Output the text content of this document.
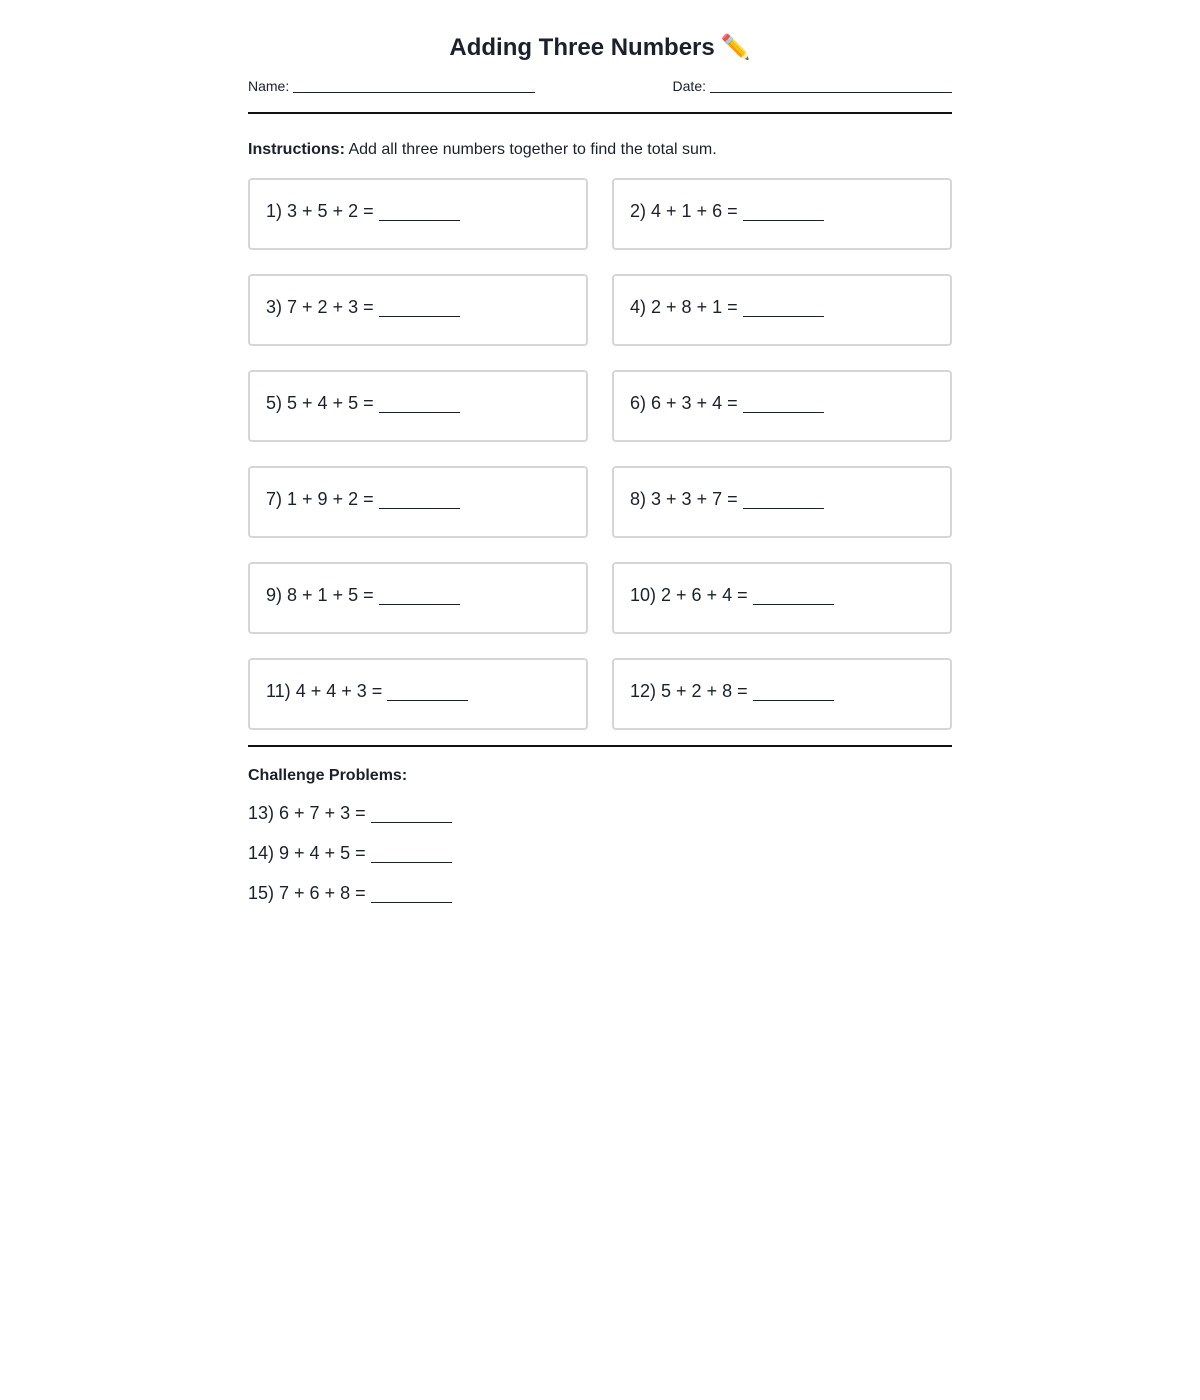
Adding Three Numbers ✏️
Name:	Date:
Instructions: Add all three numbers together to find the total sum.
1) 3 + 5 + 2 =	2) 4 + 1 + 6 =
3) 7 + 2 + 3 =	4) 2 + 8 + 1 =
5) 5 + 4 + 5 =	6) 6 + 3 + 4 =
7) 1 + 9 + 2 =	8) 3 + 3 + 7 =
9) 8 + 1 + 5 =	10) 2 + 6 + 4 =
11) 4 + 4 + 3 =	12) 5 + 2 + 8 =
Challenge Problems:
13) 6 + 7 + 3 =
14) 9 + 4 + 5 =
15) 7 + 6 + 8 =
